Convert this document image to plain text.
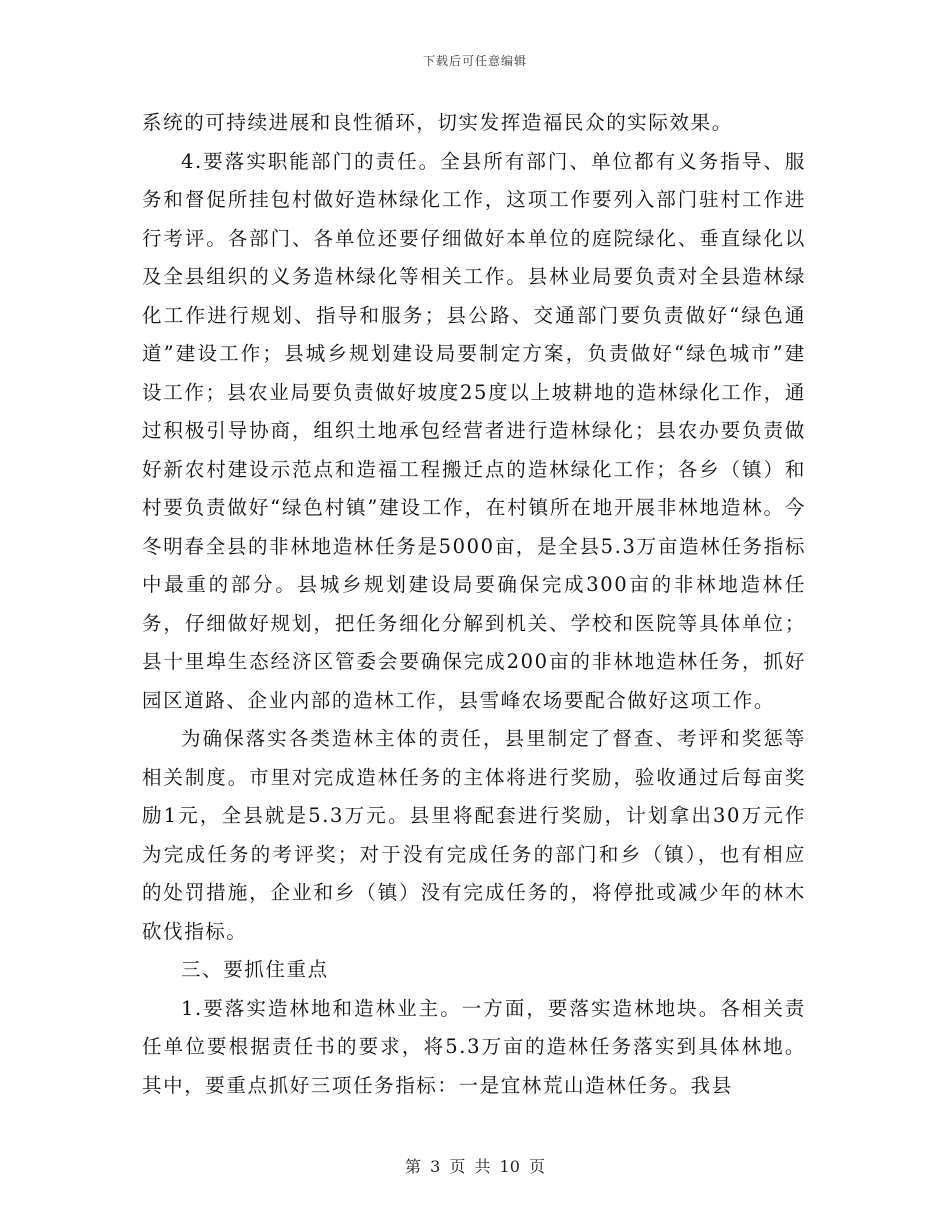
下载后可任意编辑

系统的可持续进展和良性循环，切实发挥造福民众的实际效果。

4.要落实职能部门的责任。全县所有部门、单位都有义务指导、服务和督促所挂包村做好造林绿化工作，这项工作要列入部门驻村工作进行考评。各部门、各单位还要仔细做好本单位的庭院绿化、垂直绿化以及全县组织的义务造林绿化等相关工作。县林业局要负责对全县造林绿化工作进行规划、指导和服务；县公路、交通部门要负责做好“绿色通道”建设工作；县城乡规划建设局要制定方案，负责做好“绿色城市”建设工作；县农业局要负责做好坡度25度以上坡耕地的造林绿化工作，通过积极引导协商，组织土地承包经营者进行造林绿化；县农办要负责做好新农村建设示范点和造福工程搬迁点的造林绿化工作；各乡（镇）和村要负责做好“绿色村镇”建设工作，在村镇所在地开展非林地造林。今冬明春全县的非林地造林任务是5000亩，是全县5.3万亩造林任务指标中最重的部分。县城乡规划建设局要确保完成300亩的非林地造林任务，仔细做好规划，把任务细化分解到机关、学校和医院等具体单位；县十里埠生态经济区管委会要确保完成200亩的非林地造林任务，抓好园区道路、企业内部的造林工作，县雪峰农场要配合做好这项工作。

为确保落实各类造林主体的责任，县里制定了督查、考评和奖惩等相关制度。市里对完成造林任务的主体将进行奖励，验收通过后每亩奖励1元，全县就是5.3万元。县里将配套进行奖励，计划拿出30万元作为完成任务的考评奖；对于没有完成任务的部门和乡（镇），也有相应的处罚措施，企业和乡（镇）没有完成任务的，将停批或减少年的林木砍伐指标。

三、要抓住重点

1.要落实造林地和造林业主。一方面，要落实造林地块。各相关责任单位要根据责任书的要求，将5.3万亩的造林任务落实到具体林地。其中，要重点抓好三项任务指标：一是宜林荒山造林任务。我县

第 3 页 共 10 页
